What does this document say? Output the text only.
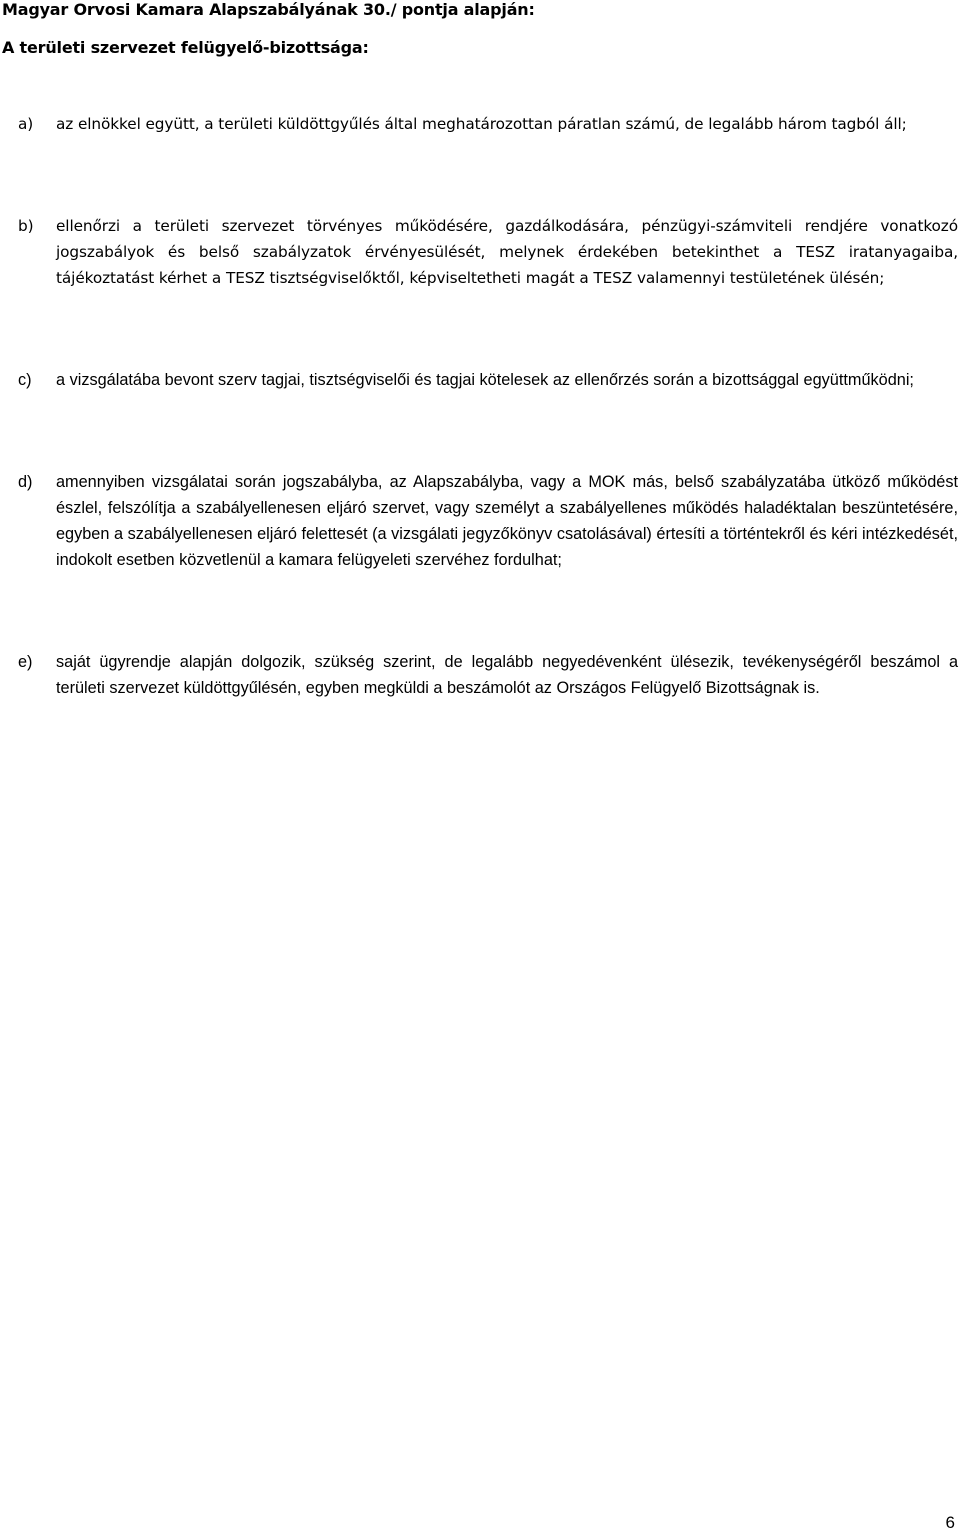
Magyar Orvosi Kamara Alapszabályának 30./ pontja alapján:
A területi szervezet felügyelő-bizottsága:
a)	az elnökkel együtt, a területi küldöttgyűlés által meghatározottan páratlan számú, de legalább három tagból áll;
b)	ellenőrzi a területi szervezet törvényes működésére, gazdálkodására, pénzügyi-számviteli rendjére vonatkozó jogszabályok és belső szabályzatok érvényesülését, melynek érdekében betekinthet a TESZ iratanyagaiba, tájékoztatást kérhet a TESZ tisztségviselőktől, képviseltetheti magát a TESZ valamennyi testületének ülésén;
c)	a vizsgálatába bevont szerv tagjai, tisztségviselői és tagjai kötelesek az ellenőrzés során a bizottsággal együttműködni;
d)	amennyiben vizsgálatai során jogszabályba, az Alapszabályba, vagy a MOK más, belső szabályzatába ütköző működést észlel, felszólítja a szabályellenesen eljáró szervet, vagy személyt a szabályellenes működés haladéktalan beszüntetésére, egyben a szabályellenesen eljáró felettesét (a vizsgálati jegyzőkönyv csatolásával) értesíti a történtekről és kéri intézkedését, indokolt esetben közvetlenül a kamara felügyeleti szervéhez fordulhat;
e)	saját ügyrendje alapján dolgozik, szükség szerint, de legalább negyedévenként ülésezik, tevékenységéről beszámol a területi szervezet küldöttgyűlésén, egyben megküldi a beszámolót az Országos Felügyelő Bizottságnak is.
6
